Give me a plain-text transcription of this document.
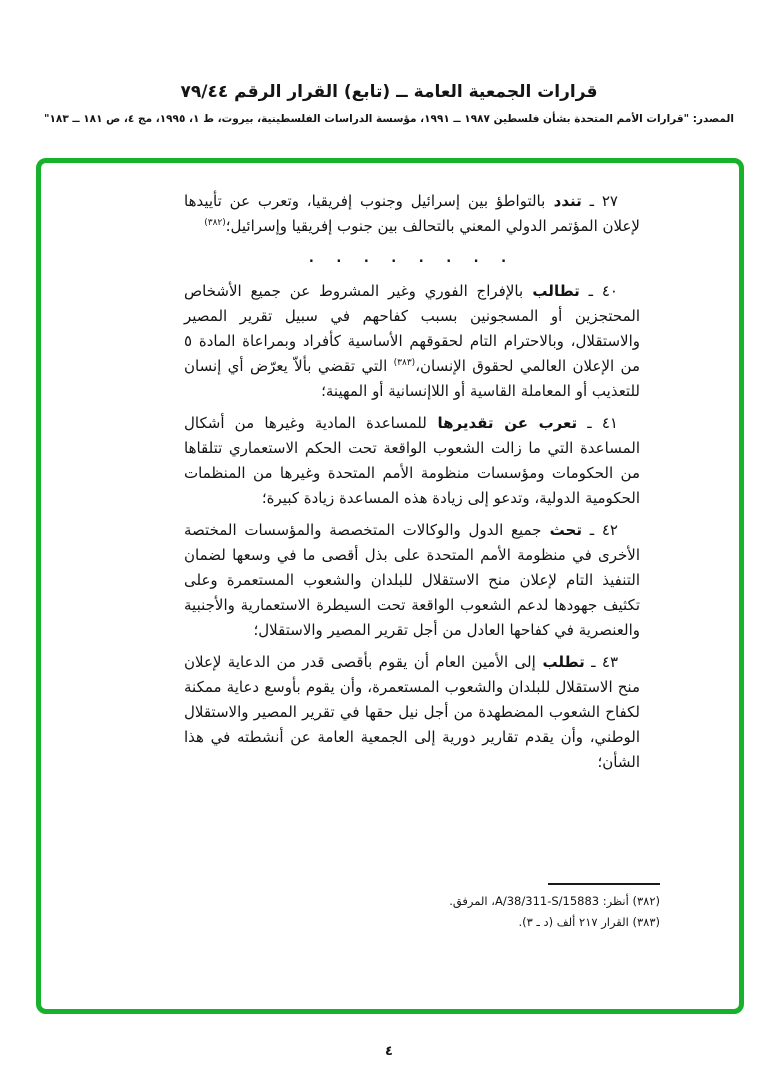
قرارات الجمعية العامة ــ (تابع) القرار الرقم ٧٩/٤٤
المصدر: "قرارات الأمم المتحدة بشأن فلسطين ١٩٨٧ ــ ١٩٩١، مؤسسة الدراسات الفلسطينية، بيروت، ط ١، ١٩٩٥، مج ٤، ص ١٨١ ــ ١٨٣"

٢٧ ـ تندد بالتواطؤ بين إسرائيل وجنوب إفريقيا، وتعرب عن تأييدها لإعلان المؤتمر الدولي المعني بالتحالف بين جنوب إفريقيا وإسرائيل؛$^{(٣٨٢)}$

. . . . . . . .

٤٠ ـ تطالب بالإفراج الفوري وغير المشروط عن جميع الأشخاص المحتجزين أو المسجونين بسبب كفاحهم في سبيل تقرير المصير والاستقلال، وبالاحترام التام لحقوقهم الأساسية كأفراد وبمراعاة المادة ٥ من الإعلان العالمي لحقوق الإنسان،$^{(٣٨٣)}$ التي تقضي بألاّ يعرّض أي إنسان للتعذيب أو المعاملة القاسية أو اللاإنسانية أو المهينة؛

٤١ ـ تعرب عن تقديرها للمساعدة المادية وغيرها من أشكال المساعدة التي ما زالت الشعوب الواقعة تحت الحكم الاستعماري تتلقاها من الحكومات ومؤسسات منظومة الأمم المتحدة وغيرها من المنظمات الحكومية الدولية، وتدعو إلى زيادة هذه المساعدة زيادة كبيرة؛

٤٢ ـ تحث جميع الدول والوكالات المتخصصة والمؤسسات المختصة الأخرى في منظومة الأمم المتحدة على بذل أقصى ما في وسعها لضمان التنفيذ التام لإعلان منح الاستقلال للبلدان والشعوب المستعمرة وعلى تكثيف جهودها لدعم الشعوب الواقعة تحت السيطرة الاستعمارية والأجنبية والعنصرية في كفاحها العادل من أجل تقرير المصير والاستقلال؛

٤٣ ـ تطلب إلى الأمين العام أن يقوم بأقصى قدر من الدعاية لإعلان منح الاستقلال للبلدان والشعوب المستعمرة، وأن يقوم بأوسع دعاية ممكنة لكفاح الشعوب المضطهدة من أجل نيل حقها في تقرير المصير والاستقلال الوطني، وأن يقدم تقارير دورية إلى الجمعية العامة عن أنشطته في هذا الشأن؛

(٣٨٢) أنظر: A/38/311-S/15883، المرفق.
(٣٨٣) القرار ٢١٧ ألف (د ـ ٣).
٤
